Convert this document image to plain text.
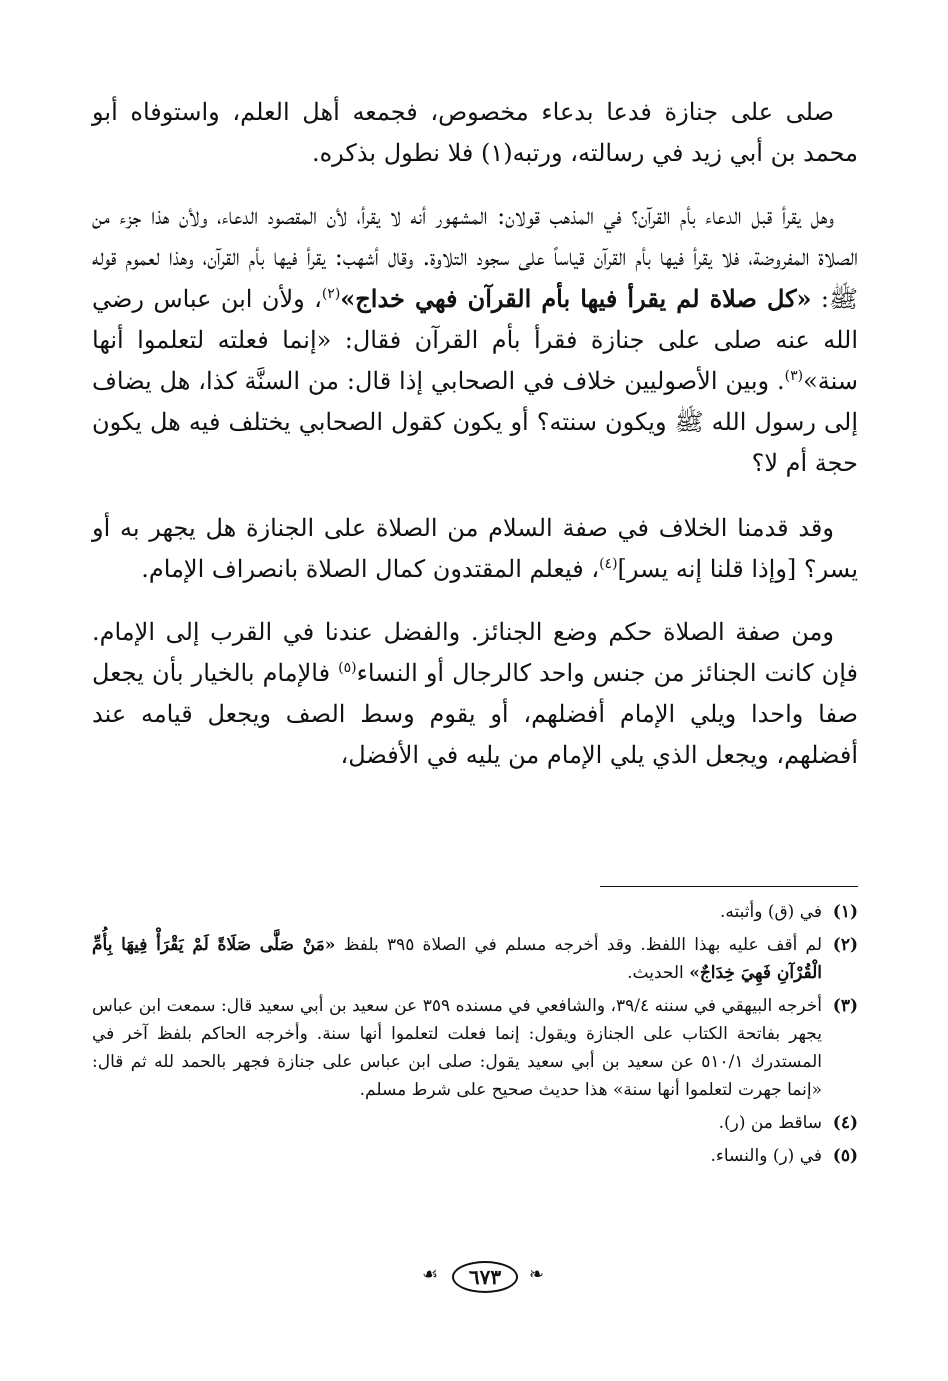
صلى على جنازة فدعا بدعاء مخصوص، فجمعه أهل العلم، واستوفاه أبو محمد بن أبي زيد في رسالته، ورتبه(١) فلا نطول بذكره.

وهل يقرأ قبل الدعاء بأم القرآن؟ في المذهب قولان: المشهور أنه لا يقرأ، لأن المقصود الدعاء، ولأن هذا جزء من الصلاة المفروضة، فلا يقرأ فيها بأم القرآن قياساً على سجود التلاوة. وقال أشهب: يقرأ فيها بأم القرآن، وهذا لعموم قوله ﷺ: «كل صلاة لم يقرأ فيها بأم القرآن فهي خداج»$^{(٢)}$، ولأن ابن عباس رضي الله عنه صلى على جنازة فقرأ بأم القرآن فقال: «إنما فعلته لتعلموا أنها سنة»$^{(٣)}$. وبين الأصوليين خلاف في الصحابي إذا قال: من السنَّة كذا، هل يضاف إلى رسول الله ﷺ ويكون سنته؟ أو يكون كقول الصحابي يختلف فيه هل يكون حجة أم لا؟

وقد قدمنا الخلاف في صفة السلام من الصلاة على الجنازة هل يجهر به أو يسر؟ [وإذا قلنا إنه يسر]$^{(٤)}$، فيعلم المقتدون كمال الصلاة بانصراف الإمام.

ومن صفة الصلاة حكم وضع الجنائز. والفضل عندنا في القرب إلى الإمام. فإن كانت الجنائز من جنس واحد كالرجال أو النساء$^{(٥)}$ فالإمام بالخيار بأن يجعل صفا واحدا ويلي الإمام أفضلهم، أو يقوم وسط الصف ويجعل قيامه عند أفضلهم، ويجعل الذي يلي الإمام من يليه في الأفضل،

(١)
في (ق) وأثبته.
(٢)
لم أقف عليه بهذا اللفظ. وقد أخرجه مسلم في الصلاة ٣٩٥ بلفظ «مَنْ صَلَّى صَلَاةً لَمْ يَقْرَأْ فِيهَا بِأُمِّ الْقُرْآنِ فَهِيَ خِدَاجٌ» الحديث.
(٣)
أخرجه البيهقي في سننه ٣٩/٤، والشافعي في مسنده ٣٥٩ عن سعيد بن أبي سعيد قال: سمعت ابن عباس يجهر بفاتحة الكتاب على الجنازة ويقول: إنما فعلت لتعلموا أنها سنة. وأخرجه الحاكم بلفظ آخر في المستدرك ٥١٠/١ عن سعيد بن أبي سعيد يقول: صلى ابن عباس على جنازة فجهر بالحمد لله ثم قال: «إنما جهرت لتعلموا أنها سنة» هذا حديث صحيح على شرط مسلم.
(٤)
ساقط من (ر).
(٥)
في (ر) والنساء.
❧
٦٧٣
☙
